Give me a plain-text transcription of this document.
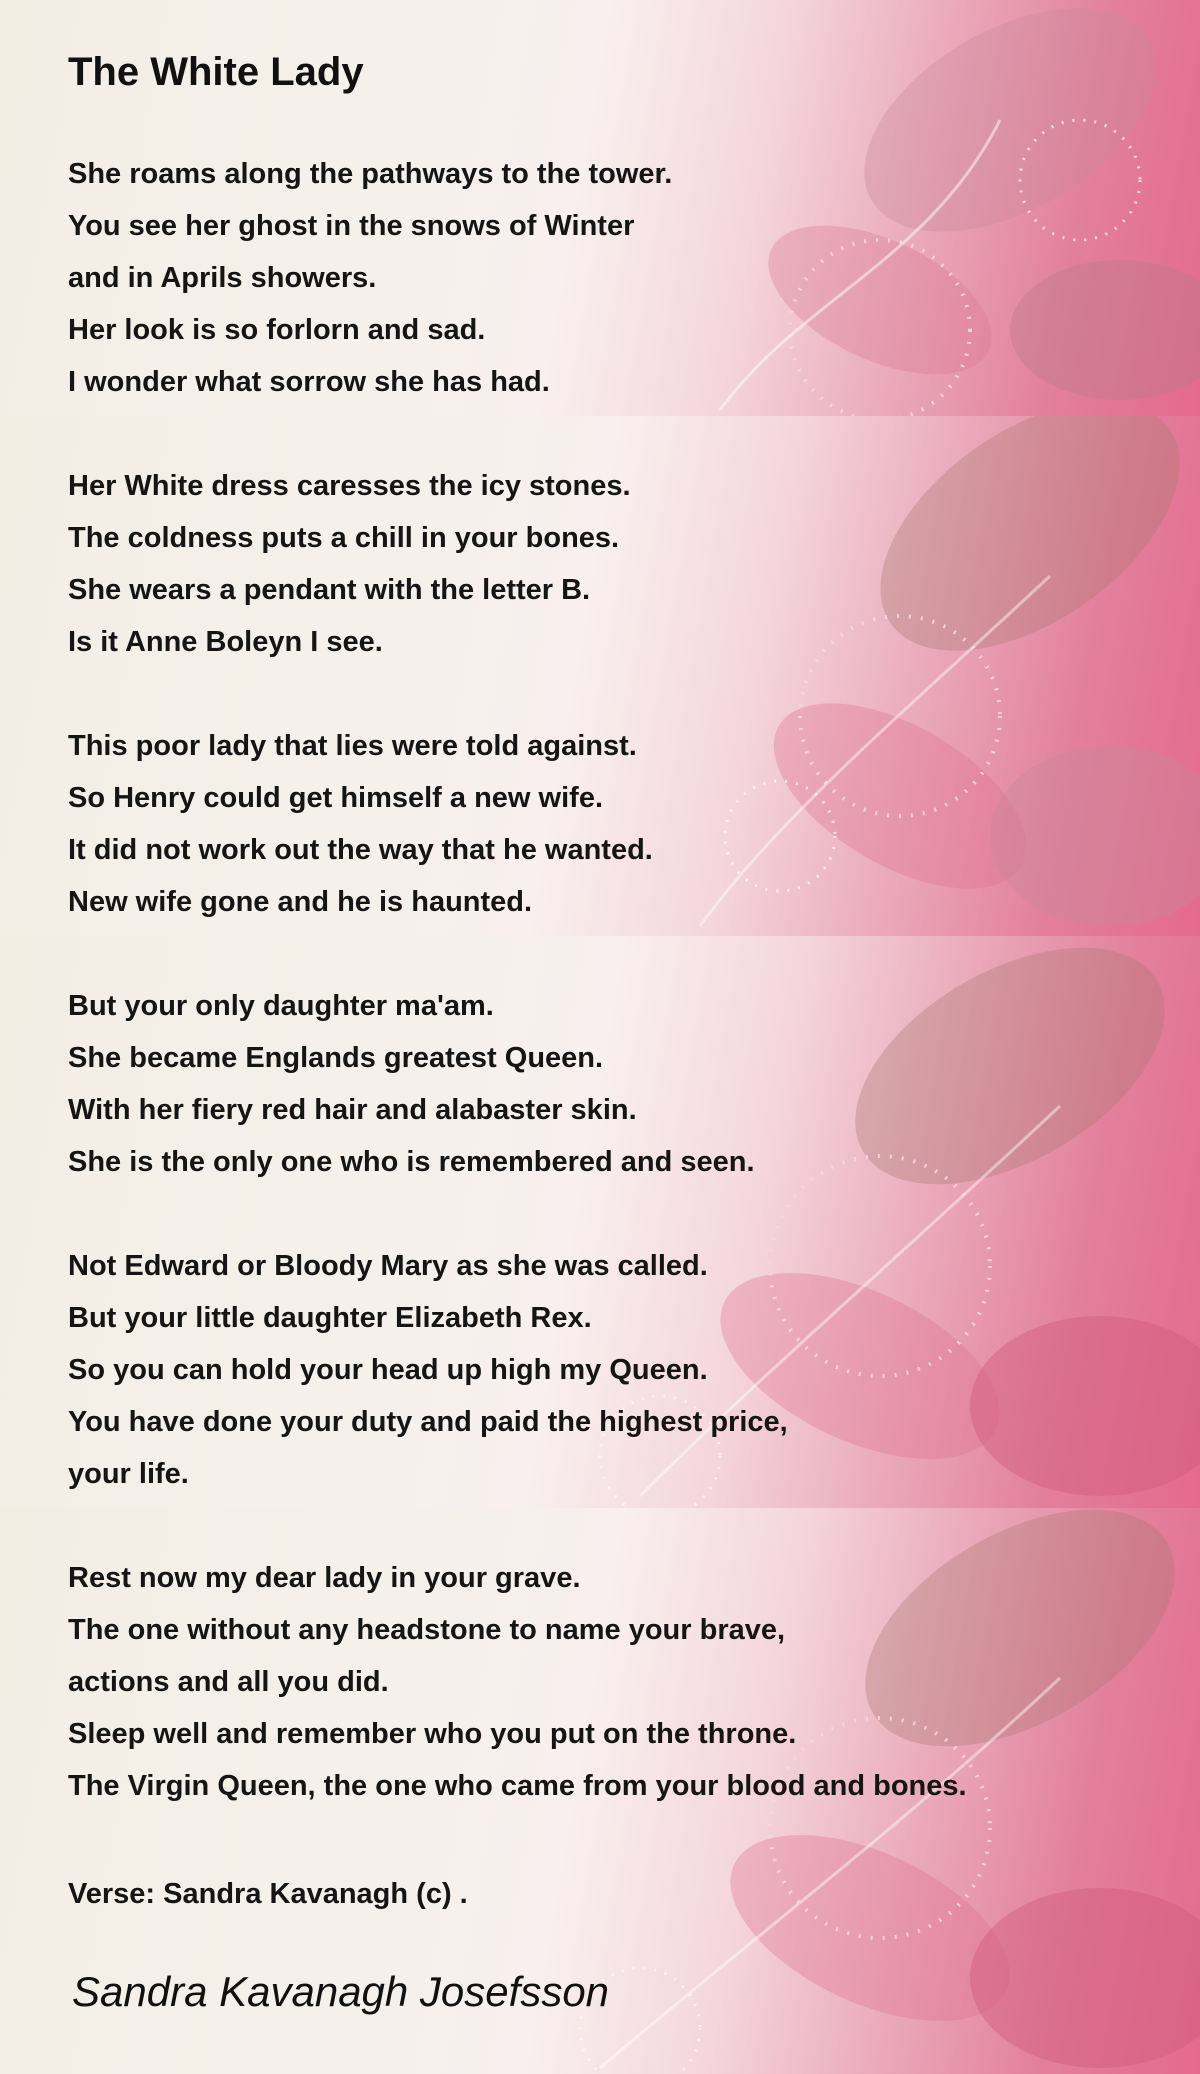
The White Lady
She roams along the pathways to the tower.
You see her ghost in the snows of Winter
and in Aprils showers.
Her look is so forlorn and sad.
I wonder what sorrow she has had.
Her White dress caresses the icy stones.
The coldness puts a chill in your bones.
She wears a pendant with the letter B.
Is it Anne Boleyn I see.
This poor lady that lies were told against.
So Henry could get himself a new wife.
It did not work out the way that he wanted.
New wife gone and he is haunted.
But your only daughter ma'am.
She became Englands greatest Queen.
With her fiery red hair and alabaster skin.
She is the only one who is remembered and seen.
Not Edward or Bloody Mary as she was called.
But your little daughter Elizabeth Rex.
So you can hold your head up high my Queen.
You have done your duty and paid the highest price,
your life.
Rest now my dear lady in your grave.
The one without any headstone to name your brave,
actions and all you did.
Sleep well and remember who you put on the throne.
The Virgin Queen, the one who came from your blood and bones.
Verse: Sandra Kavanagh (c) .
Sandra Kavanagh Josefsson
